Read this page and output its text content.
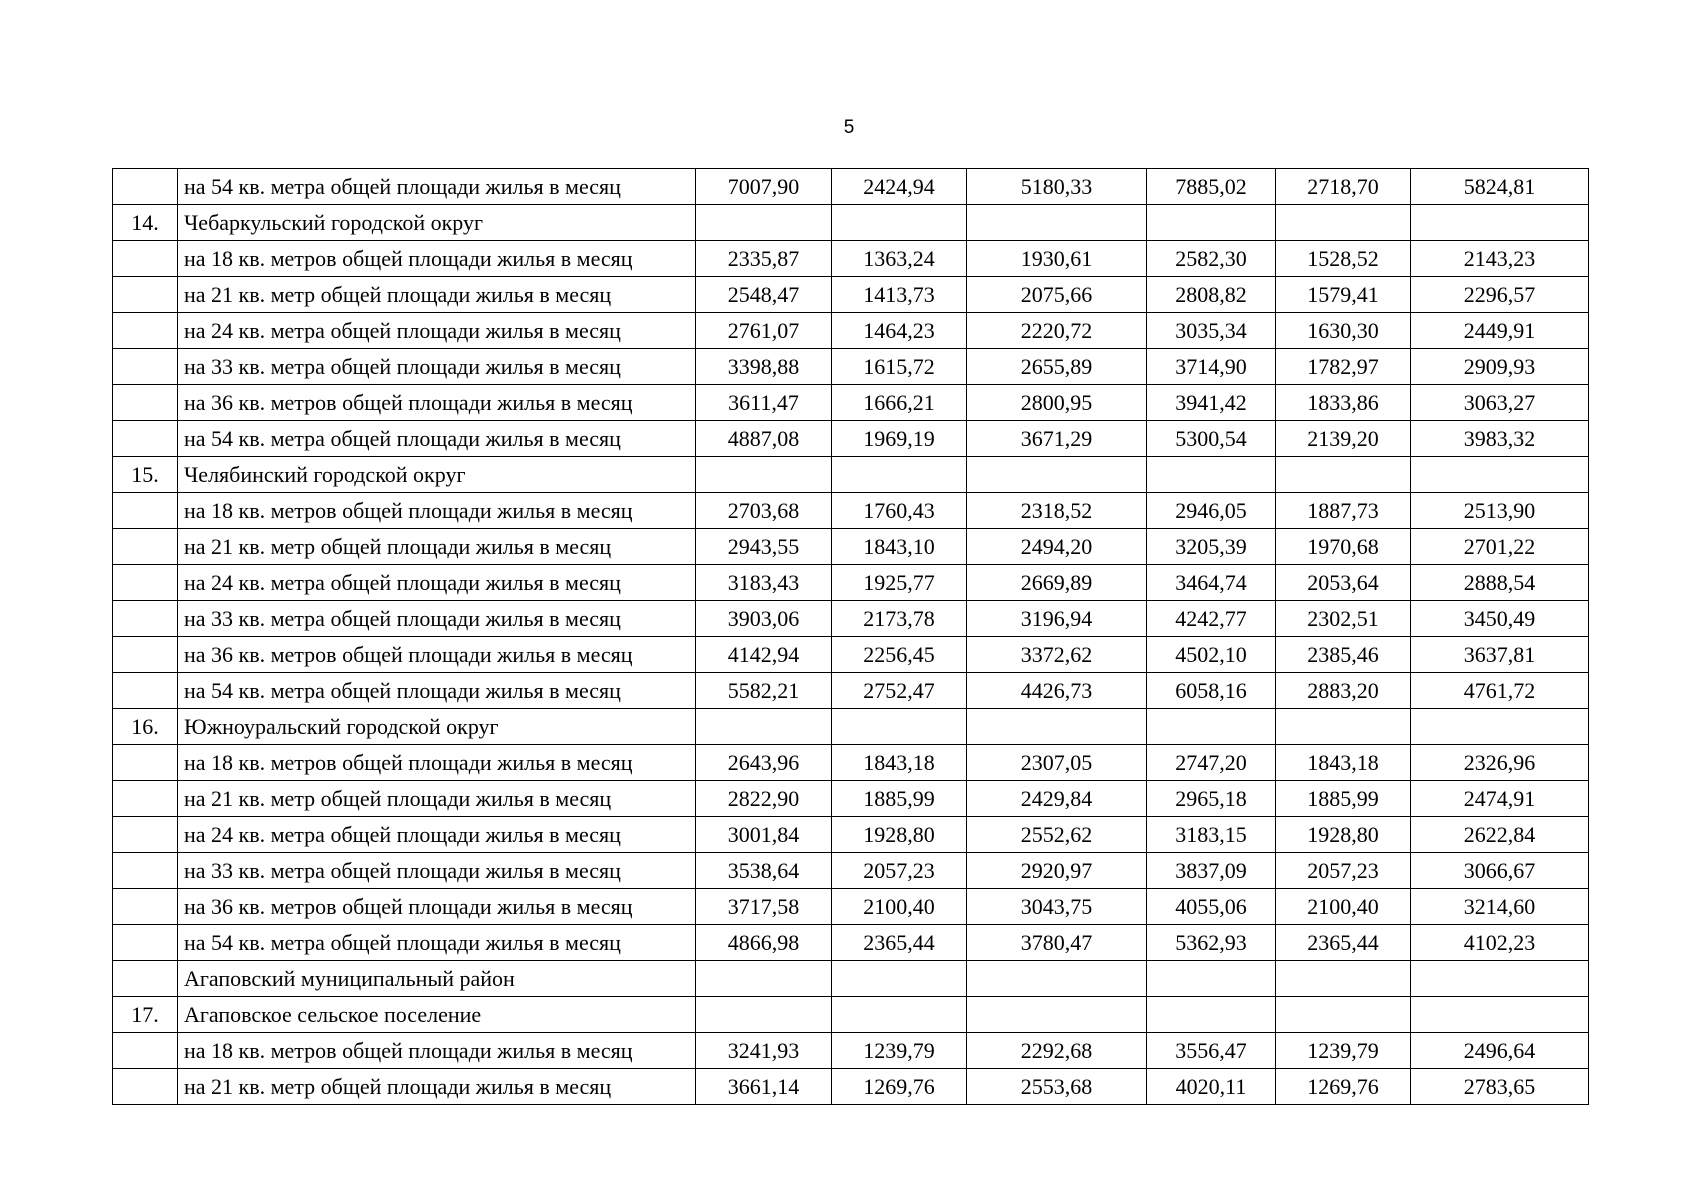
5
	на 54 кв. метра общей площади жилья в месяц	7007,90	2424,94	5180,33	7885,02	2718,70	5824,81
14.	Чебаркульский городской округ						
	на 18 кв. метров общей площади жилья в месяц	2335,87	1363,24	1930,61	2582,30	1528,52	2143,23
	на 21 кв. метр общей площади жилья в месяц	2548,47	1413,73	2075,66	2808,82	1579,41	2296,57
	на 24 кв. метра общей площади жилья в месяц	2761,07	1464,23	2220,72	3035,34	1630,30	2449,91
	на 33 кв. метра общей площади жилья в месяц	3398,88	1615,72	2655,89	3714,90	1782,97	2909,93
	на 36 кв. метров общей площади жилья в месяц	3611,47	1666,21	2800,95	3941,42	1833,86	3063,27
	на 54 кв. метра общей площади жилья в месяц	4887,08	1969,19	3671,29	5300,54	2139,20	3983,32
15.	Челябинский городской округ						
	на 18 кв. метров общей площади жилья в месяц	2703,68	1760,43	2318,52	2946,05	1887,73	2513,90
	на 21 кв. метр общей площади жилья в месяц	2943,55	1843,10	2494,20	3205,39	1970,68	2701,22
	на 24 кв. метра общей площади жилья в месяц	3183,43	1925,77	2669,89	3464,74	2053,64	2888,54
	на 33 кв. метра общей площади жилья в месяц	3903,06	2173,78	3196,94	4242,77	2302,51	3450,49
	на 36 кв. метров общей площади жилья в месяц	4142,94	2256,45	3372,62	4502,10	2385,46	3637,81
	на 54 кв. метра общей площади жилья в месяц	5582,21	2752,47	4426,73	6058,16	2883,20	4761,72
16.	Южноуральский городской округ						
	на 18 кв. метров общей площади жилья в месяц	2643,96	1843,18	2307,05	2747,20	1843,18	2326,96
	на 21 кв. метр общей площади жилья в месяц	2822,90	1885,99	2429,84	2965,18	1885,99	2474,91
	на 24 кв. метра общей площади жилья в месяц	3001,84	1928,80	2552,62	3183,15	1928,80	2622,84
	на 33 кв. метра общей площади жилья в месяц	3538,64	2057,23	2920,97	3837,09	2057,23	3066,67
	на 36 кв. метров общей площади жилья в месяц	3717,58	2100,40	3043,75	4055,06	2100,40	3214,60
	на 54 кв. метра общей площади жилья в месяц	4866,98	2365,44	3780,47	5362,93	2365,44	4102,23
	Агаповский муниципальный район						
17.	Агаповское сельское поселение						
	на 18 кв. метров общей площади жилья в месяц	3241,93	1239,79	2292,68	3556,47	1239,79	2496,64
	на 21 кв. метр общей площади жилья в месяц	3661,14	1269,76	2553,68	4020,11	1269,76	2783,65
